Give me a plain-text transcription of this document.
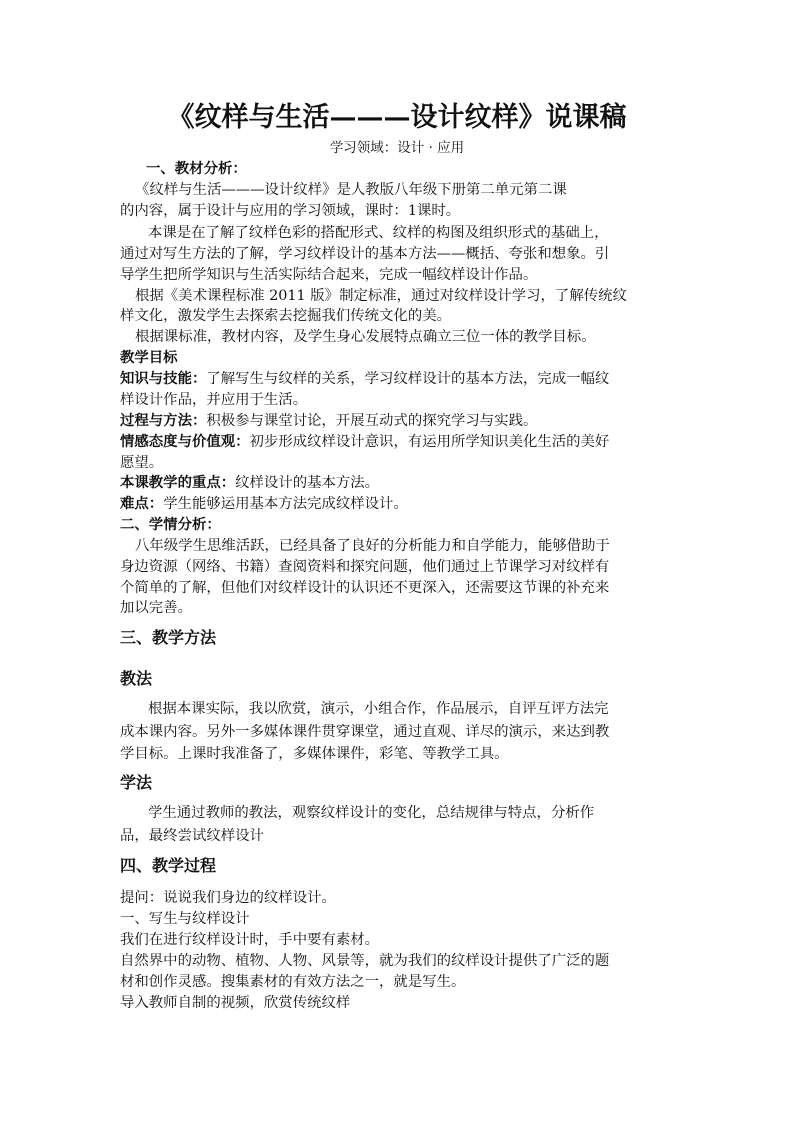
《纹样与生活———设计纹样》说课稿
学习领域：设计 · 应用
一、教材分析：
《纹样与生活———设计纹样》是人教版八年级下册第二单元第二课
的内容，属于设计与应用的学习领域，课时：1课时。
本课是在了解了纹样色彩的搭配形式、纹样的构图及组织形式的基础上，
通过对写生方法的了解，学习纹样设计的基本方法——概括、夸张和想象。引
导学生把所学知识与生活实际结合起来，完成一幅纹样设计作品。
根据《美术课程标准 2011 版》制定标准，通过对纹样设计学习，了解传统纹
样文化，激发学生去探索去挖掘我们传统文化的美。
根据课标准，教材内容，及学生身心发展特点确立三位一体的教学目标。
教学目标
知识与技能：了解写生与纹样的关系，学习纹样设计的基本方法，完成一幅纹
样设计作品，并应用于生活。
过程与方法：积极参与课堂讨论，开展互动式的探究学习与实践。
情感态度与价值观：初步形成纹样设计意识，有运用所学知识美化生活的美好
愿望。
本课教学的重点：纹样设计的基本方法。
难点：学生能够运用基本方法完成纹样设计。
二、学情分析：
八年级学生思维活跃，已经具备了良好的分析能力和自学能力，能够借助于
身边资源（网络、书籍）查阅资料和探究问题，他们通过上节课学习对纹样有
个简单的了解，但他们对纹样设计的认识还不更深入，还需要这节课的补充来
加以完善。
三、教学方法
教法
根据本课实际，我以欣赏，演示，小组合作，作品展示，自评互评方法完
成本课内容。另外一多媒体课件贯穿课堂，通过直观、详尽的演示，来达到教
学目标。上课时我准备了，多媒体课件，彩笔、等教学工具。
学法
学生通过教师的教法，观察纹样设计的变化，总结规律与特点，分析作
品，最终尝试纹样设计
四、教学过程
提问：说说我们身边的纹样设计。
一、写生与纹样设计
我们在进行纹样设计时，手中要有素材。
自然界中的动物、植物、人物、风景等，就为我们的纹样设计提供了广泛的题
材和创作灵感。搜集素材的有效方法之一，就是写生。
导入教师自制的视频，欣赏传统纹样
